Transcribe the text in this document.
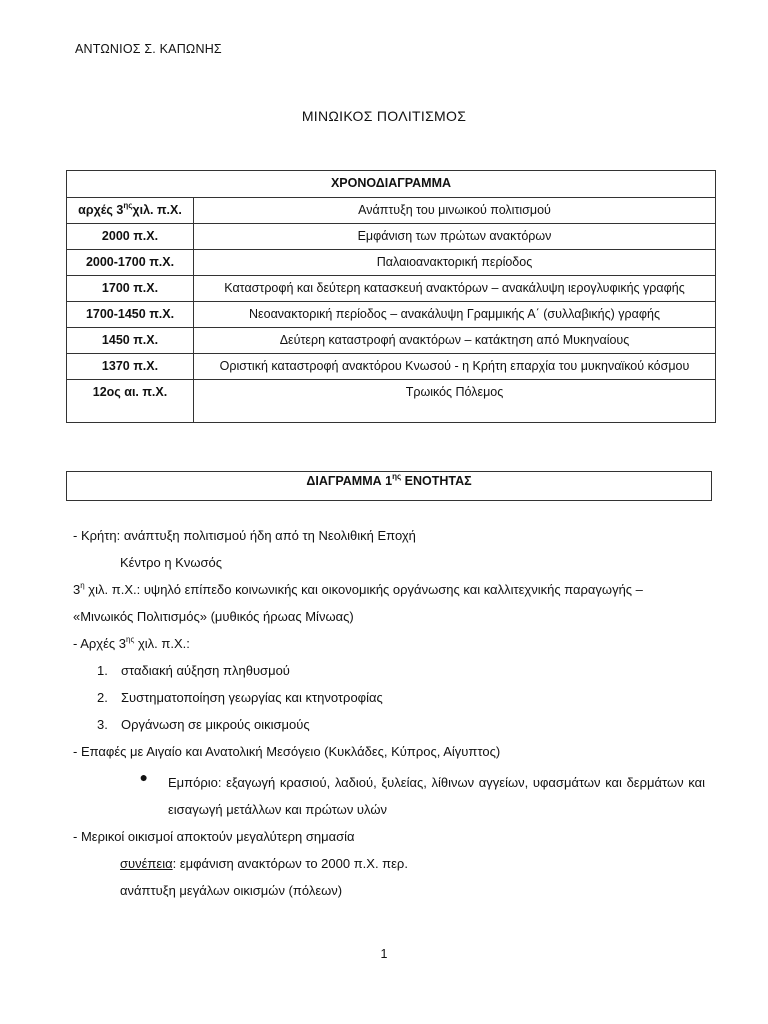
ΑΝΤΩΝΙΟΣ Σ. ΚΑΠΩΝΗΣ
ΜΙΝΩΙΚΟΣ ΠΟΛΙΤΙΣΜΟΣ
ΧΡΟΝΟΔΙΑΓΡΑΜΜΑ	
αρχές $3^{\eta\varsigma}\chi\iota\lambda$. π.Χ.	Ανάπτυξη του μινωικού πολιτισμού
2000 π.Χ.	Εμφάνιση των πρώτων ανακτόρων
2000-1700 π.Χ.	Παλαιοανακτορική περίοδος
1700 π.Χ.	Καταστροφή και δεύτερη κατασκευή ανακτόρων – ανακάλυψη ιερογλυφικής γραφής
1700-1450 π.Χ.	Νεοανακτορική περίοδος – ανακάλυψη Γραμμικής Α΄ (συλλαβικής) γραφής
1450 π.Χ.	Δεύτερη καταστροφή ανακτόρων – κατάκτηση από Μυκηναίους
1370 π.Χ.	Οριστική καταστροφή ανακτόρου Κνωσού - η Κρήτη επαρχία του μυκηναϊκού κόσμου
12ος αι. π.Χ.	Τρωικός Πόλεμος
ΔΙΑΓΡΑΜΜΑ $1^{\eta\varsigma}$ ΕΝΟΤΗΤΑΣ
- Κρήτη: ανάπτυξη πολιτισμού ήδη από τη Νεολιθική Εποχή
Κέντρο η Κνωσός
$3^\eta$ χιλ. π.Χ.: υψηλό επίπεδο κοινωνικής και οικονομικής οργάνωσης και καλλιτεχνικής παραγωγής –
«Μινωικός Πολιτισμός» (μυθικός ήρωας Μίνωας)
- Αρχές $3^{\eta\varsigma}$ χιλ. π.Χ.:
1. σταδιακή αύξηση πληθυσμού
2. Συστηματοποίηση γεωργίας και κτηνοτροφίας
3. Οργάνωση σε μικρούς οικισμούς
- Επαφές με Αιγαίο και Ανατολική Μεσόγειο (Κυκλάδες, Κύπρος, Αίγυπτος)
●	Εμπόριο: εξαγωγή κρασιού, λαδιού, ξυλείας, λίθινων αγγείων, υφασμάτων και δερμάτων και εισαγωγή μετάλλων και πρώτων υλών
- Μερικοί οικισμοί αποκτούν μεγαλύτερη σημασία
συνέπεια: εμφάνιση ανακτόρων το 2000 π.Χ. περ.
ανάπτυξη μεγάλων οικισμών (πόλεων)
1
